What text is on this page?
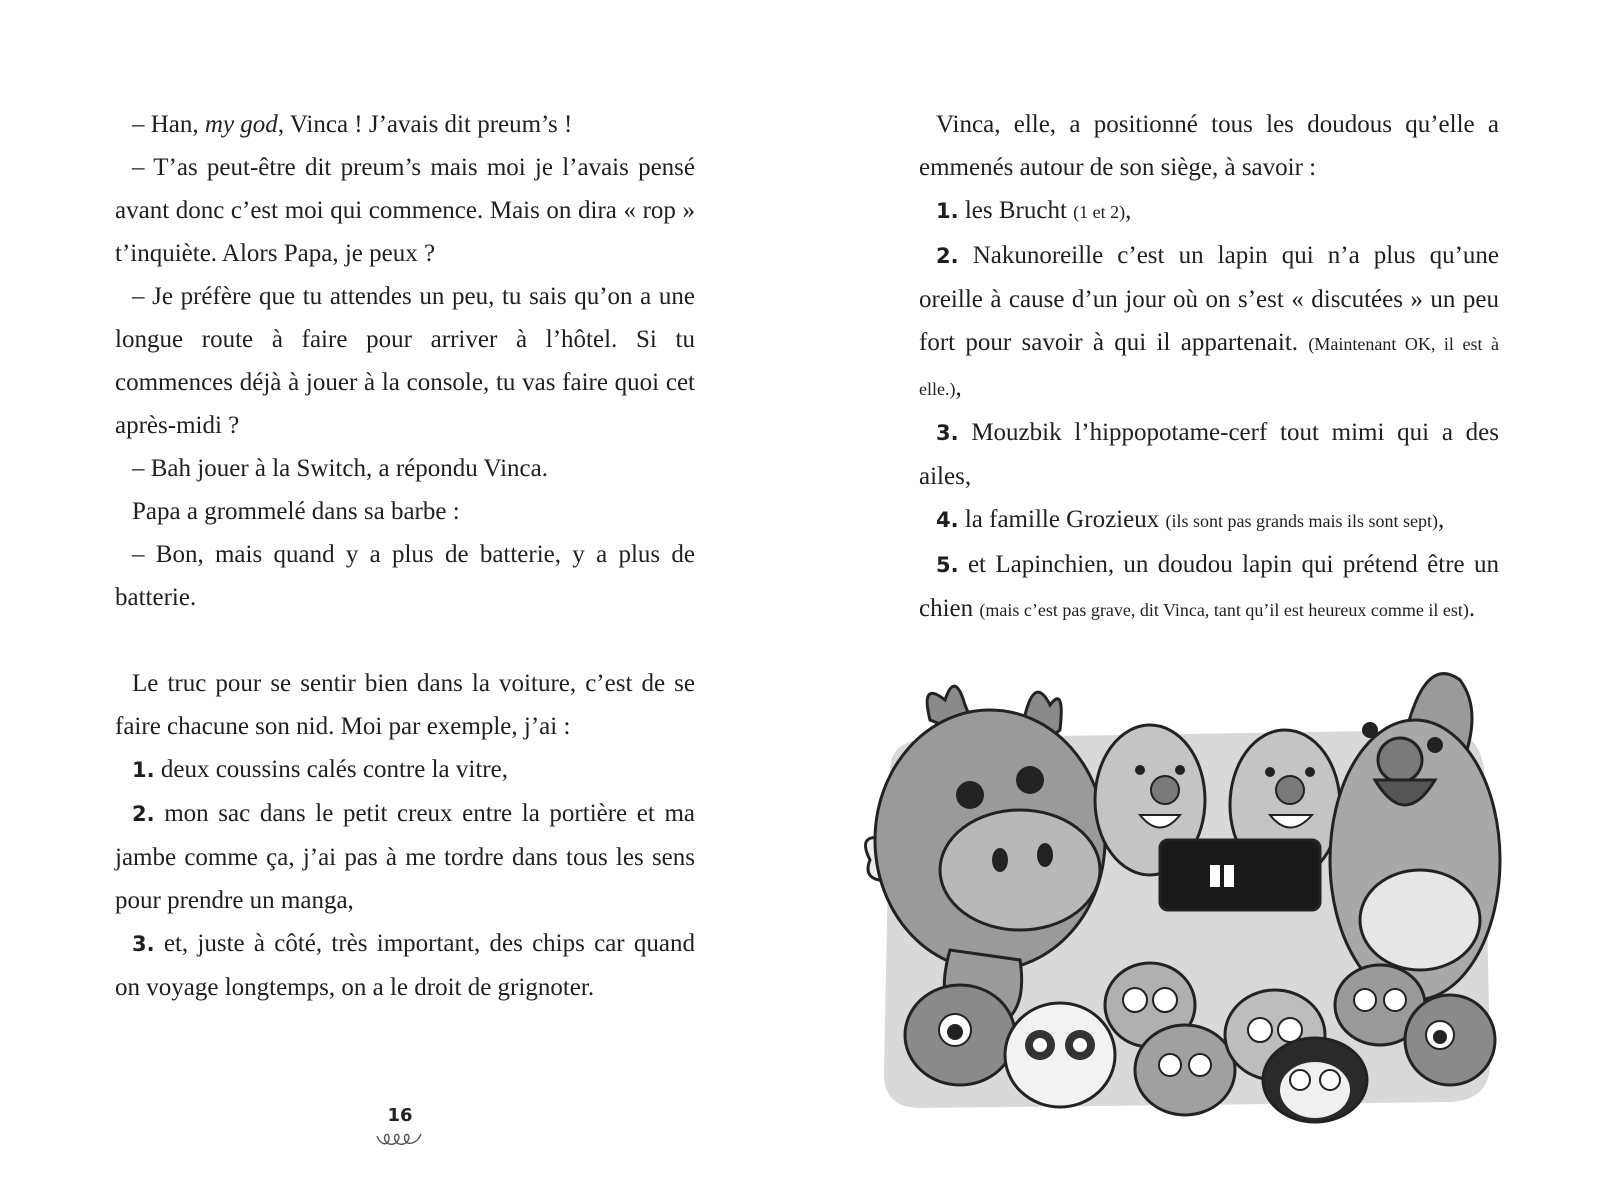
– Han, my god, Vinca ! J’avais dit preum’s !

– T’as peut-être dit preum’s mais moi je l’avais pensé avant donc c’est moi qui commence. Mais on dira « rop » t’inquiète. Alors Papa, je peux ?

– Je préfère que tu attendes un peu, tu sais qu’on a une longue route à faire pour arriver à l’hôtel. Si tu commences déjà à jouer à la console, tu vas faire quoi cet après-midi ?

– Bah jouer à la Switch, a répondu Vinca.

Papa a grommelé dans sa barbe :

– Bon, mais quand y a plus de batterie, y a plus de batterie.

Le truc pour se sentir bien dans la voiture, c’est de se faire chacune son nid. Moi par exemple, j’ai :

1. deux coussins calés contre la vitre,

2. mon sac dans le petit creux entre la portière et ma jambe comme ça, j’ai pas à me tordre dans tous les sens pour prendre un manga,

3. et, juste à côté, très important, des chips car quand on voyage longtemps, on a le droit de grignoter.

16

Vinca, elle, a positionné tous les doudous qu’elle a emmenés autour de son siège, à savoir :

1. les Brucht (1 et 2),

2. Nakunoreille c’est un lapin qui n’a plus qu’une oreille à cause d’un jour où on s’est « discutées » un peu fort pour savoir à qui il appartenait. (Maintenant OK, il est à elle.),

3. Mouzbik l’hippopotame-cerf tout mimi qui a des ailes,

4. la famille Grozieux (ils sont pas grands mais ils sont sept),

5. et Lapinchien, un doudou lapin qui prétend être un chien (mais c’est pas grave, dit Vinca, tant qu’il est heureux comme il est).
